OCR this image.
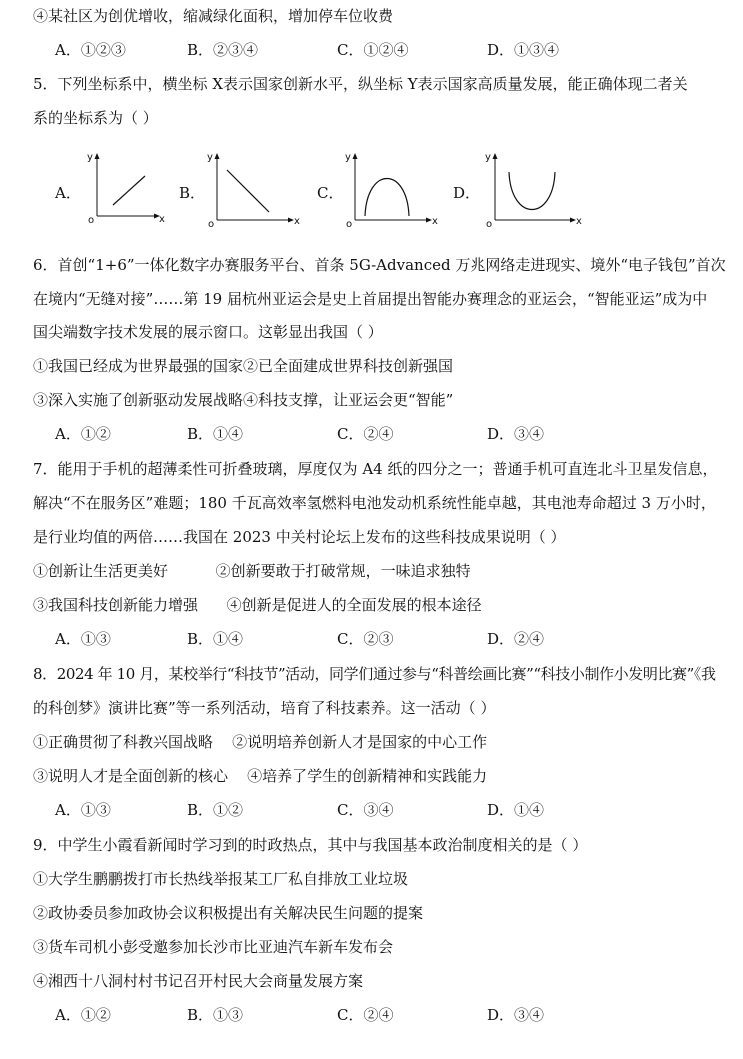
④某社区为创优增收，缩减绿化面积，增加停车位收费
A．①②③	B．②③④	C．①②④	D．①③④
5．下列坐标系中，横坐标 X表示国家创新水平，纵坐标 Y表示国家高质量发展，能正确体现二者关
系的坐标系为（ ）
A．
y
x
o
B．
y
x
o
C．
y
x
o
D．
y
x
o
6．首创“1+6”一体化数字办赛服务平台、首条 5G-Advanced 万兆网络走进现实、境外“电子钱包”首次
在境内“无缝对接”……第 19 届杭州亚运会是史上首届提出智能办赛理念的亚运会，“智能亚运”成为中
国尖端数字技术发展的展示窗口。这彰显出我国（ ）
①我国已经成为世界最强的国家②已全面建成世界科技创新强国
③深入实施了创新驱动发展战略④科技支撑，让亚运会更“智能”
A．①②	B．①④	C．②④	D．③④
7．能用于手机的超薄柔性可折叠玻璃，厚度仅为 A4 纸的四分之一；普通手机可直连北斗卫星发信息，
解决“不在服务区”难题；180 千瓦高效率氢燃料电池发动机系统性能卓越，其电池寿命超过 3 万小时，
是行业均值的两倍……我国在 2023 中关村论坛上发布的这些科技成果说明（ ）
①创新让生活更美好          ②创新要敢于打破常规，一味追求独特
③我国科技创新能力增强      ④创新是促进人的全面发展的根本途径
A．①③	B．①④	C．②③	D．②④
8．2024 年 10 月，某校举行“科技节”活动，同学们通过参与“科普绘画比赛”“科技小制作小发明比赛”《我
的科创梦》演讲比赛”等一系列活动，培育了科技素养。这一活动（ ）
①正确贯彻了科教兴国战略    ②说明培养创新人才是国家的中心工作
③说明人才是全面创新的核心    ④培养了学生的创新精神和实践能力
A．①③	B．①②	C．③④	D．①④
9．中学生小霞看新闻时学习到的时政热点，其中与我国基本政治制度相关的是（ ）
①大学生鹏鹏拨打市长热线举报某工厂私自排放工业垃圾
②政协委员参加政协会议积极提出有关解决民生问题的提案
③货车司机小彭受邀参加长沙市比亚迪汽车新车发布会
④湘西十八洞村村书记召开村民大会商量发展方案
A．①②	B．①③	C．②④	D．③④
